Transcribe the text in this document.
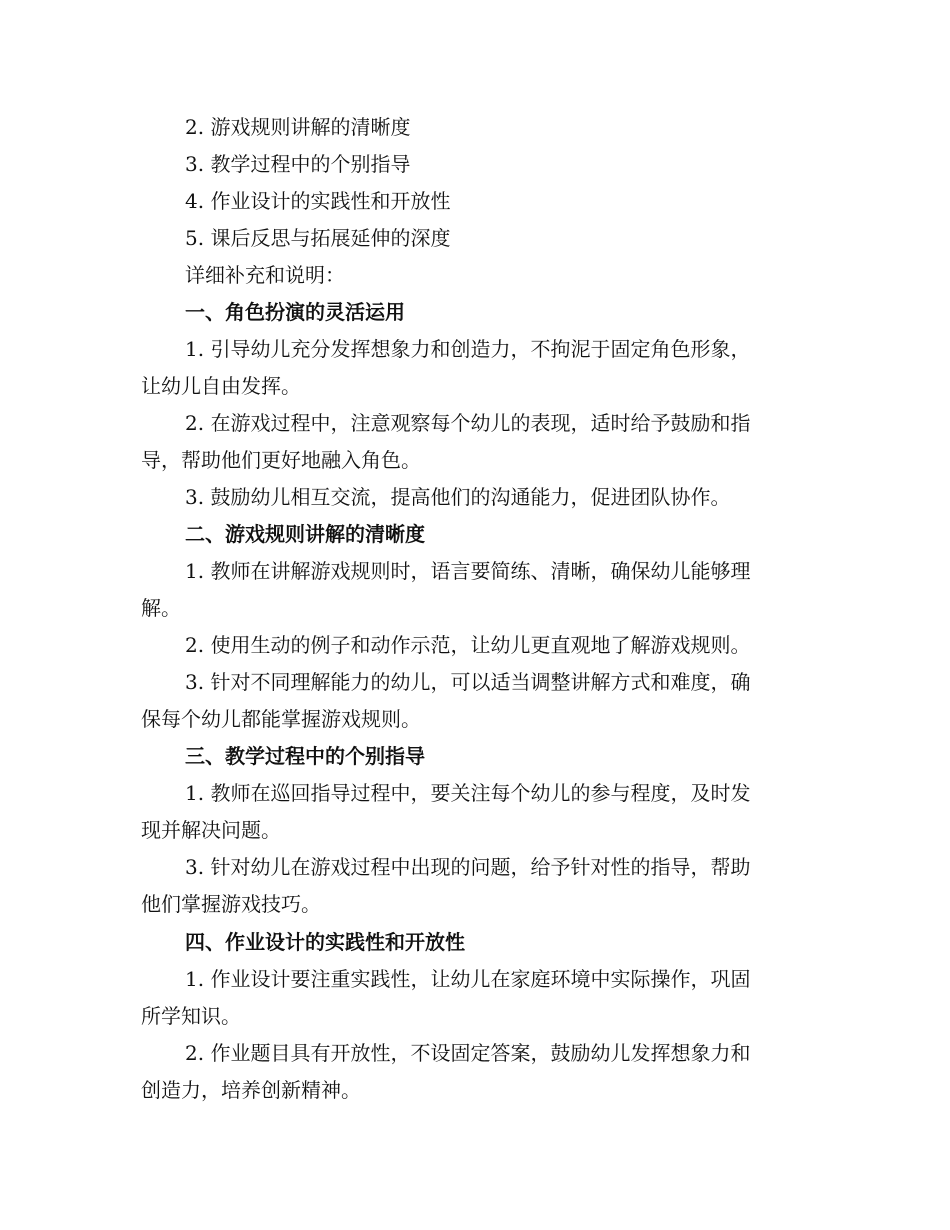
2. 游戏规则讲解的清晰度
3. 教学过程中的个别指导
4. 作业设计的实践性和开放性
5. 课后反思与拓展延伸的深度
详细补充和说明：
一、角色扮演的灵活运用
1. 引导幼儿充分发挥想象力和创造力，不拘泥于固定角色形象，
让幼儿自由发挥。
2. 在游戏过程中，注意观察每个幼儿的表现，适时给予鼓励和指
导，帮助他们更好地融入角色。
3. 鼓励幼儿相互交流，提高他们的沟通能力，促进团队协作。
二、游戏规则讲解的清晰度
1. 教师在讲解游戏规则时，语言要简练、清晰，确保幼儿能够理
解。
2. 使用生动的例子和动作示范，让幼儿更直观地了解游戏规则。
3. 针对不同理解能力的幼儿，可以适当调整讲解方式和难度，确
保每个幼儿都能掌握游戏规则。
三、教学过程中的个别指导
1. 教师在巡回指导过程中，要关注每个幼儿的参与程度，及时发
现并解决问题。
3. 针对幼儿在游戏过程中出现的问题，给予针对性的指导，帮助
他们掌握游戏技巧。
四、作业设计的实践性和开放性
1. 作业设计要注重实践性，让幼儿在家庭环境中实际操作，巩固
所学知识。
2. 作业题目具有开放性，不设固定答案，鼓励幼儿发挥想象力和
创造力，培养创新精神。
